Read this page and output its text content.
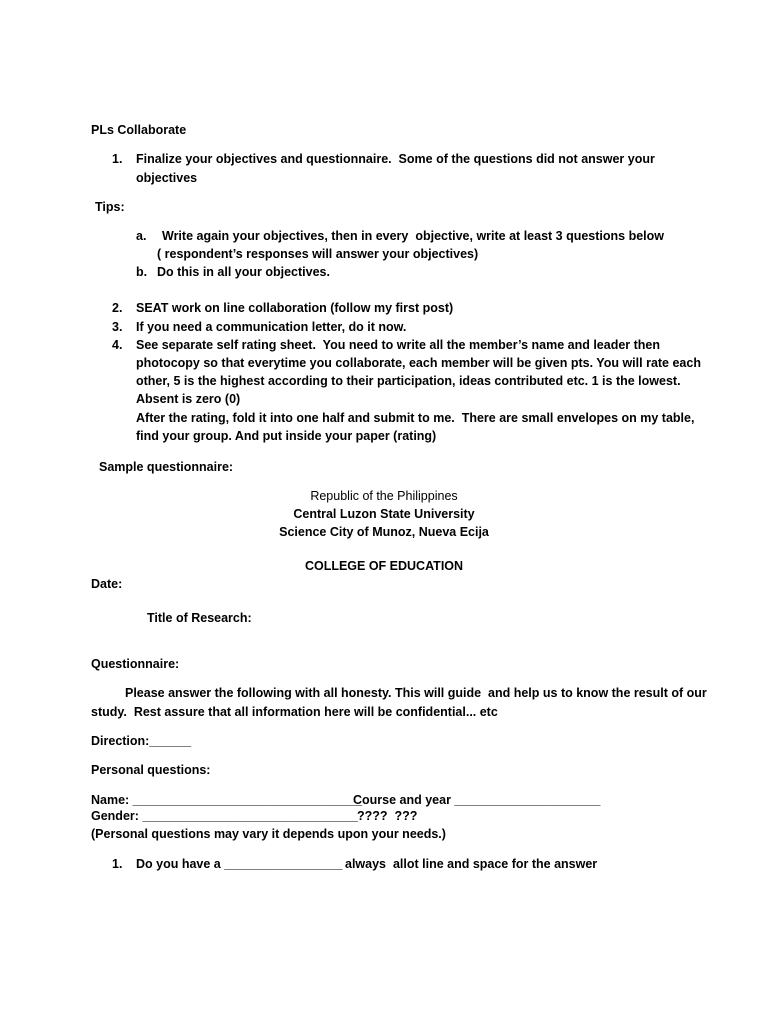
PLs Collaborate
1. Finalize your objectives and questionnaire.  Some of the questions did not answer your
objectives
Tips:
a. Write again your objectives, then in every  objective, write at least 3 questions below
( respondent’s responses will answer your objectives)
b. Do this in all your objectives.
2. SEAT work on line collaboration (follow my first post)
3. If you need a communication letter, do it now.
4. See separate self rating sheet.  You need to write all the member’s name and leader then
photocopy so that everytime you collaborate, each member will be given pts. You will rate each
other, 5 is the highest according to their participation, ideas contributed etc. 1 is the lowest.
Absent is zero (0)
After the rating, fold it into one half and submit to me.  There are small envelopes on my table,
find your group. And put inside your paper (rating)
Sample questionnaire:
Republic of the Philippines
Central Luzon State University
Science City of Munoz, Nueva Ecija
COLLEGE OF EDUCATION
Date:
Title of Research:
Questionnaire:
Please answer the following with all honesty. This will guide  and help us to know the result of our
study.  Rest assure that all information here will be confidential... etc
Direction:______
Personal questions:
Name: _________________________________
Course and year _____________________
Gender: _______________________________ ????  ???
(Personal questions may vary it depends upon your needs.)
1. Do you have a _________________ always  allot line and space for the answer
